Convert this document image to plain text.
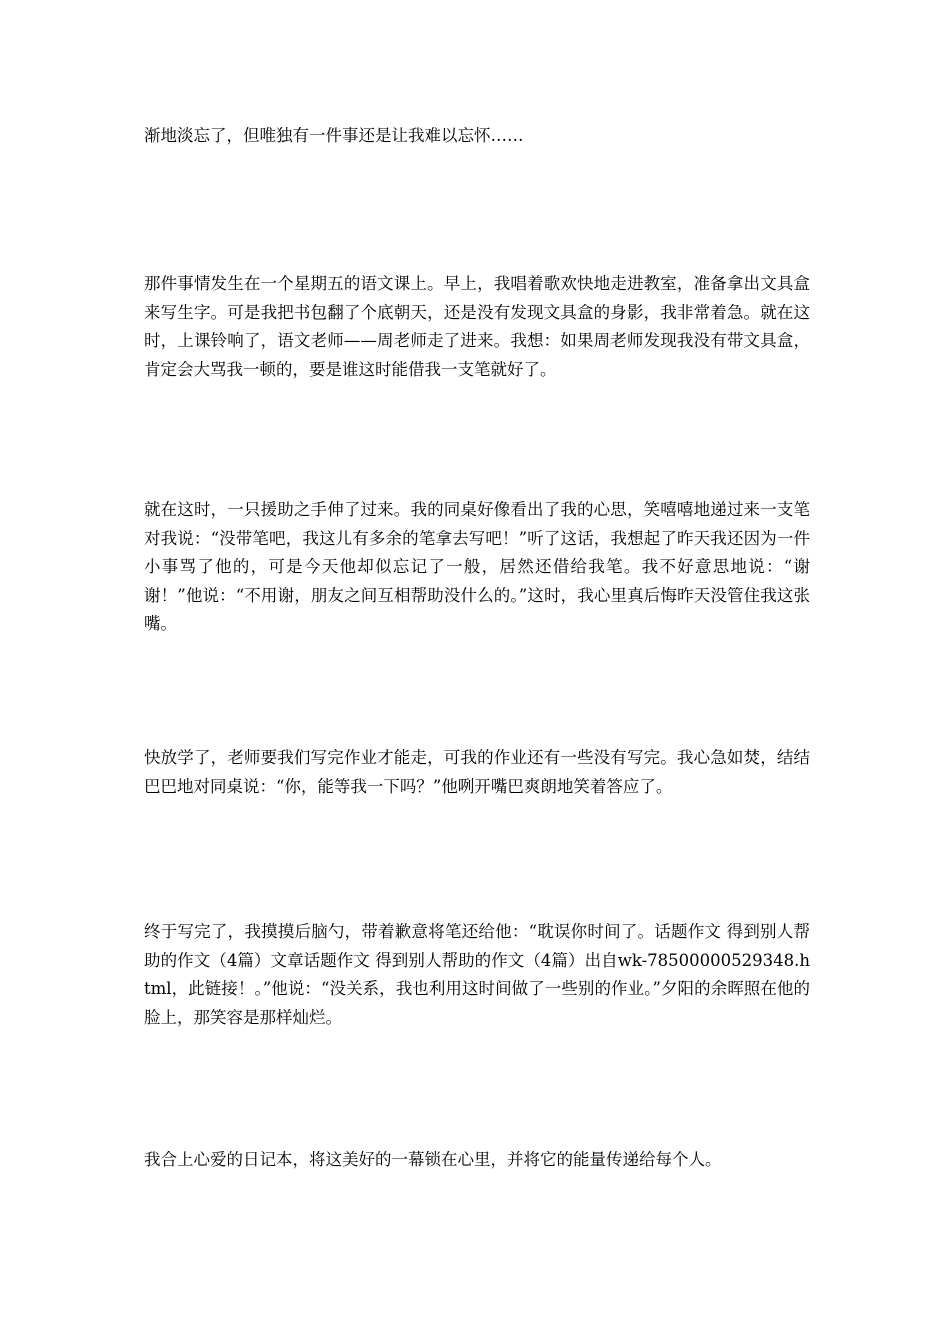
渐地淡忘了，但唯独有一件事还是让我难以忘怀……

那件事情发生在一个星期五的语文课上。早上，我唱着歌欢快地走进教室，准备拿出文具盒来写生字。可是我把书包翻了个底朝天，还是没有发现文具盒的身影，我非常着急。就在这时，上课铃响了，语文老师——周老师走了进来。我想：如果周老师发现我没有带文具盒，肯定会大骂我一顿的，要是谁这时能借我一支笔就好了。

就在这时，一只援助之手伸了过来。我的同桌好像看出了我的心思，笑嘻嘻地递过来一支笔对我说：“没带笔吧，我这儿有多余的笔拿去写吧！”听了这话，我想起了昨天我还因为一件小事骂了他的，可是今天他却似忘记了一般，居然还借给我笔。我不好意思地说：“谢谢！”他说：“不用谢，朋友之间互相帮助没什么的。”这时，我心里真后悔昨天没管住我这张嘴。

快放学了，老师要我们写完作业才能走，可我的作业还有一些没有写完。我心急如焚，结结巴巴地对同桌说：“你，能等我一下吗？”他咧开嘴巴爽朗地笑着答应了。

终于写完了，我摸摸后脑勺，带着歉意将笔还给他：“耽误你时间了。话题作文 得到别人帮助的作文（4篇）文章话题作文 得到别人帮助的作文（4篇）出自wk-78500000529348.html，此链接！。”他说：“没关系，我也利用这时间做了一些别的作业。”夕阳的余晖照在他的脸上，那笑容是那样灿烂。

我合上心爱的日记本，将这美好的一幕锁在心里，并将它的能量传递给每个人。
